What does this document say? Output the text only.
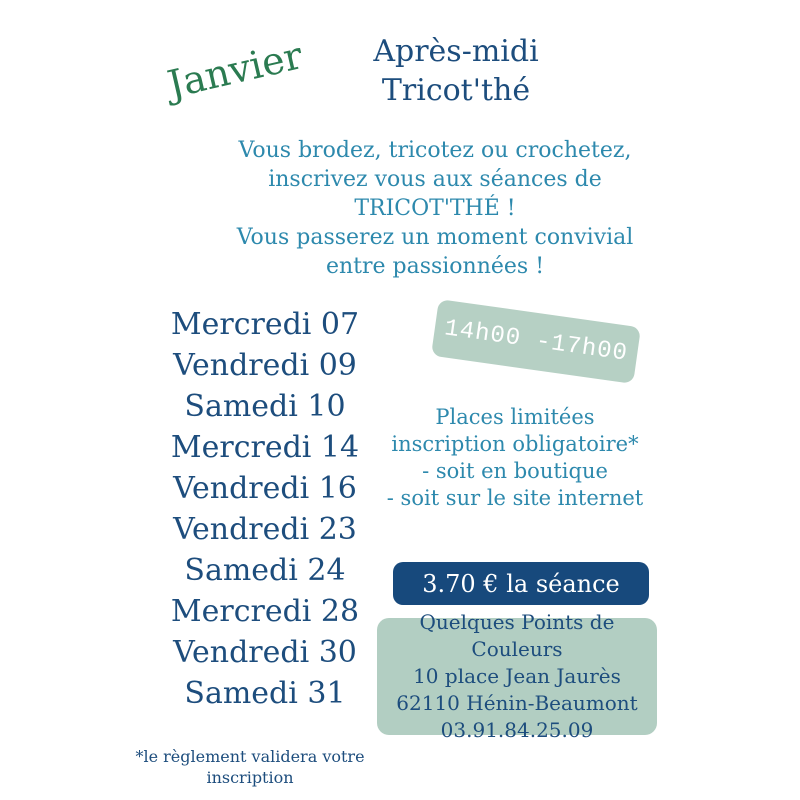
Janvier	Après-midi
Tricot'thé
Vous brodez, tricotez ou crochetez,
inscrivez vous aux séances de
TRICOT'THÉ !
Vous passerez un moment convivial
entre passionnées !
Mercredi 07
Vendredi 09
Samedi 10
Mercredi 14
Vendredi 16
Vendredi 23
Samedi 24
Mercredi 28
Vendredi 30
Samedi 31
14h00 -17h00
Places limitées
inscription obligatoire*
- soit en boutique
- soit sur le site internet
3.70 € la séance
Quelques Points de Couleurs
10 place Jean Jaurès
62110 Hénin-Beaumont
03.91.84.25.09
*le règlement validera votre
inscription
